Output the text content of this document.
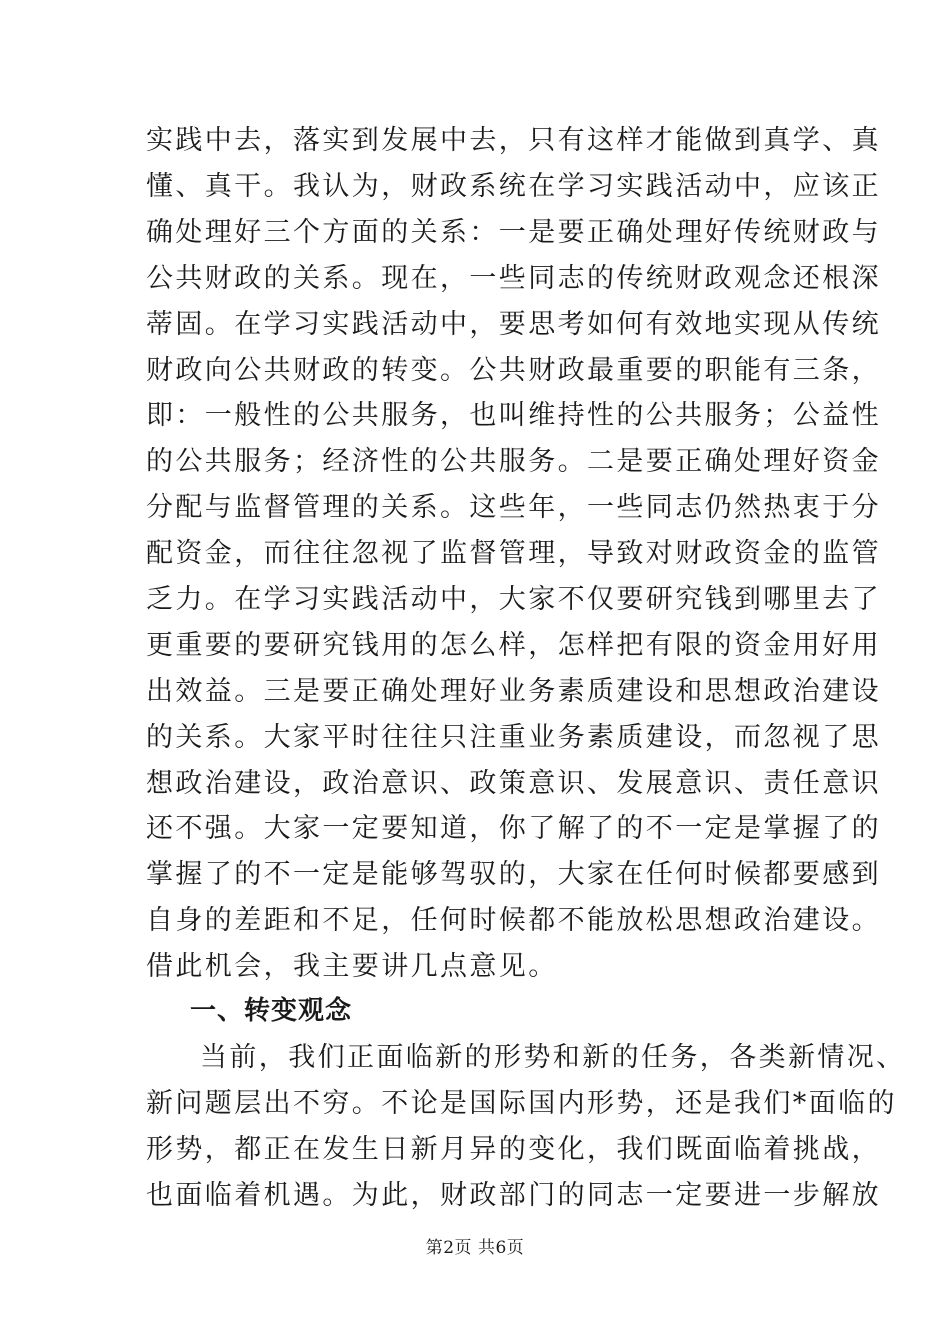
实践中去，落实到发展中去，只有这样才能做到真学、真
懂、真干。我认为，财政系统在学习实践活动中，应该正
确处理好三个方面的关系：一是要正确处理好传统财政与
公共财政的关系。现在，一些同志的传统财政观念还根深
蒂固。在学习实践活动中，要思考如何有效地实现从传统
财政向公共财政的转变。公共财政最重要的职能有三条，
即：一般性的公共服务，也叫维持性的公共服务；公益性
的公共服务；经济性的公共服务。二是要正确处理好资金
分配与监督管理的关系。这些年，一些同志仍然热衷于分
配资金，而往往忽视了监督管理，导致对财政资金的监管
乏力。在学习实践活动中，大家不仅要研究钱到哪里去了
更重要的要研究钱用的怎么样，怎样把有限的资金用好用
出效益。三是要正确处理好业务素质建设和思想政治建设
的关系。大家平时往往只注重业务素质建设，而忽视了思
想政治建设，政治意识、政策意识、发展意识、责任意识
还不强。大家一定要知道，你了解了的不一定是掌握了的
掌握了的不一定是能够驾驭的，大家在任何时候都要感到
自身的差距和不足，任何时候都不能放松思想政治建设。
借此机会，我主要讲几点意见。
一、转变观念
当前，我们正面临新的形势和新的任务，各类新情况、
新问题层出不穷。不论是国际国内形势，还是我们*面临的
形势，都正在发生日新月异的变化，我们既面临着挑战，
也面临着机遇。为此，财政部门的同志一定要进一步解放
第2页 共6页
